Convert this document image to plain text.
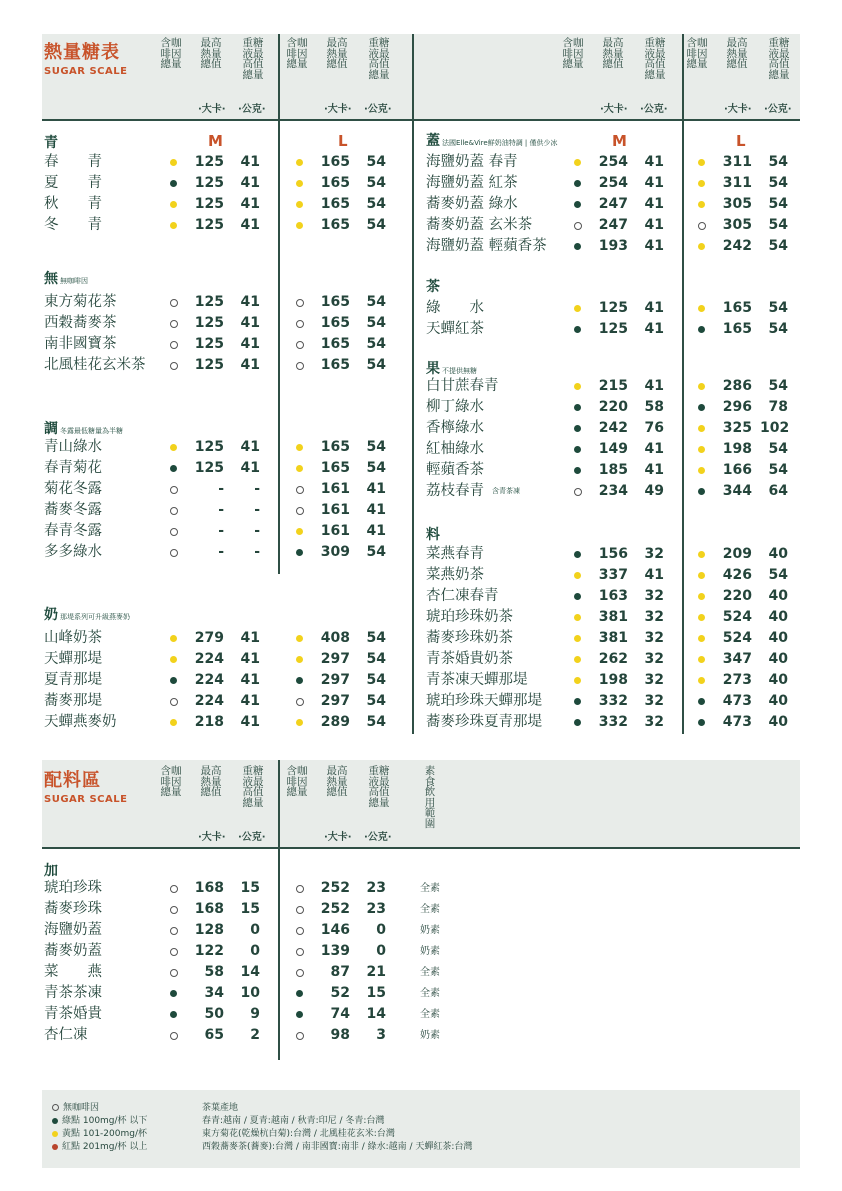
熱量糖表
SUGAR SCALE
配料區
SUGAR SCALE
含咖啡因總量
最高熱量總值
重糖液最高值總量
·大卡· ·公克·
含咖啡因總量
最高熱量總值
重糖液最高值總量
·大卡· ·公克·
含咖啡因總量
最高熱量總值
重糖液最高值總量
·大卡· ·公克·
含咖啡因總量
最高熱量總值
重糖液最高值總量
·大卡· ·公克·
含咖啡因總量
最高熱量總值
重糖液最高值總量
·大卡· ·公克·
含咖啡因總量
最高熱量總值
重糖液最高值總量
·大卡· ·公克·
素食飲用範圍
M	L	M	L
青
春　　青	125	41	165	54
夏　　青	125	41	165	54
秋　　青	125	41	165	54
冬　　青	125	41	165	54
無無咖啡因
東方菊花茶	125	41	165	54
西穀蕎麥茶	125	41	165	54
南非國寶茶	125	41	165	54
北風桂花玄米茶	125	41	165	54
調冬露最低糖量為半糖
青山綠水	125	41	165	54
春青菊花	125	41	165	54
菊花冬露	-	-	161	41
蕎麥冬露	-	-	161	41
春青冬露	-	-	161	41
多多綠水	-	-	309	54
奶那堤系列可升級燕麥奶
山峰奶茶	279	41	408	54
天蟬那堤	224	41	297	54
夏青那堤	224	41	297	54
蕎麥那堤	224	41	297	54
天蟬燕麥奶	218	41	289	54
蓋法國Elle&Vire鮮奶油特調 | 僅供少冰
海鹽奶蓋 春青	254	41	311	54
海鹽奶蓋 紅茶	254	41	311	54
蕎麥奶蓋 綠水	247	41	305	54
蕎麥奶蓋 玄米茶	247	41	305	54
海鹽奶蓋 輕蘋香茶	193	41	242	54
茶
綠　　水	125	41	165	54
天蟬紅茶	125	41	165	54
果不提供無糖
白甘蔗春青	215	41	286	54
柳丁綠水	220	58	296	78
香檸綠水	242	76	325 102
紅柚綠水	149	41	198	54
輕蘋香茶	185	41	166	54
荔枝春青 含青茶凍	234	49	344	64
料
菜燕春青	156	32	209	40
菜燕奶茶	337	41	426	54
杏仁凍春青	163	32	220	40
琥珀珍珠奶茶	381	32	524	40
蕎麥珍珠奶茶	381	32	524	40
青茶婚貴奶茶	262	32	347	40
青茶凍天蟬那堤	198	32	273	40
琥珀珍珠天蟬那堤	332	32	473	40
蕎麥珍珠夏青那堤	332	32	473	40
加
琥珀珍珠	168	15	252	23	全素
蕎麥珍珠	168	15	252	23	全素
海鹽奶蓋	128	0	146	0	奶素
蕎麥奶蓋	122	0	139	0	奶素
菜　　燕	58	14	87	21	全素
青茶茶凍	34	10	52	15	全素
青茶婚貴	50	9	74	14	全素
杏仁凍	65	2	98	3	奶素
無咖啡因
綠點 100mg/杯 以下
黃點 101-200mg/杯
紅點 201mg/杯 以上
茶葉產地
春青:越南 / 夏青:越南 / 秋青:印尼 / 冬青:台灣
東方菊花(乾燥杭白菊):台灣 / 北風桂花玄米:台灣
西穀蕎麥茶(蕎麥):台灣 / 南非國寶:南非 / 綠水:越南 / 天蟬紅茶:台灣
